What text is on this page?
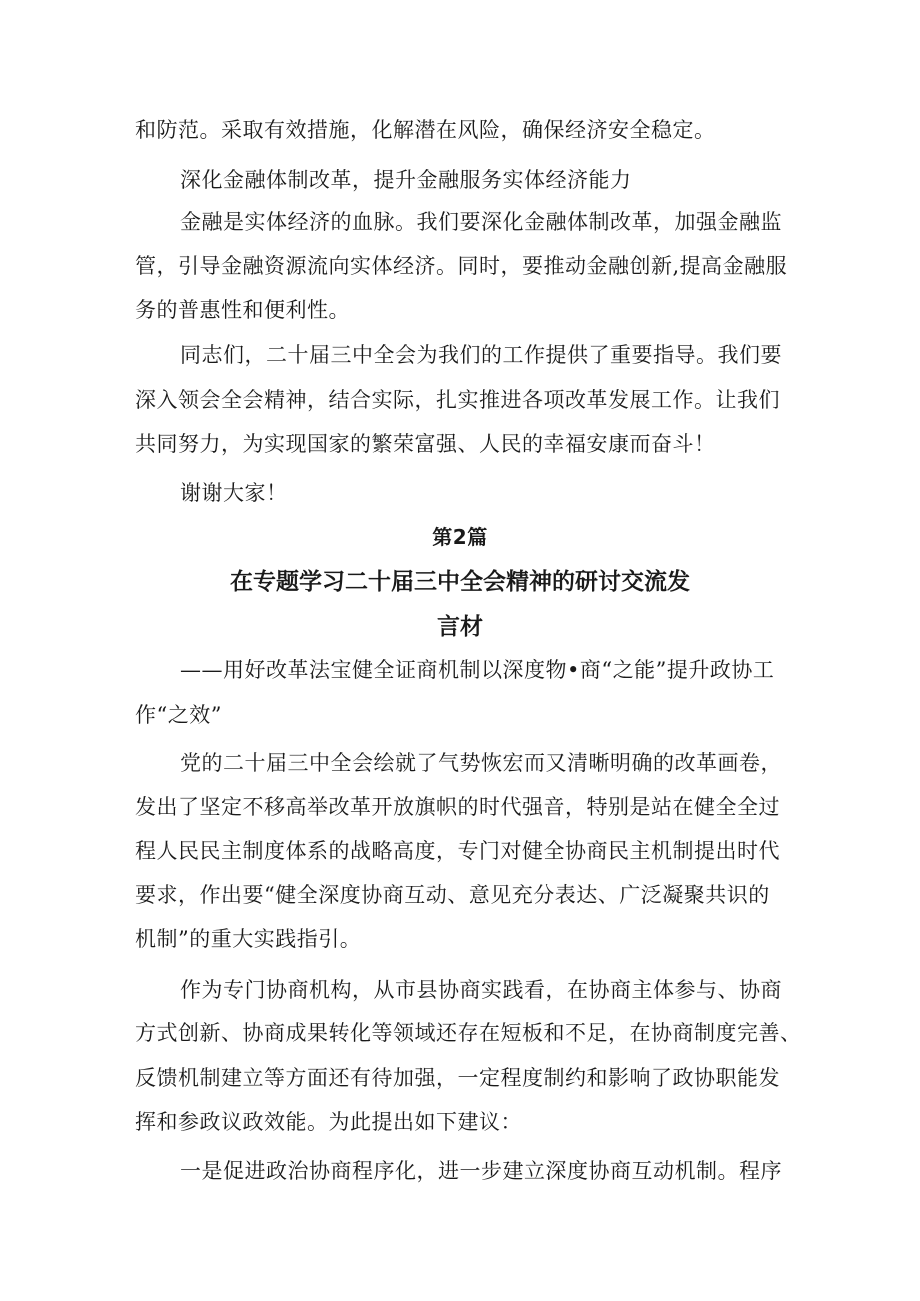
和防范。采取有效措施，化解潜在风险，确保经济安全稳定。
深化金融体制改革，提升金融服务实体经济能力
金融是实体经济的血脉。我们要深化金融体制改革，加强金融监
管，引导金融资源流向实体经济。同时，要推动金融创新,提高金融服
务的普惠性和便利性。
同志们，二十届三中全会为我们的工作提供了重要指导。我们要
深入领会全会精神，结合实际，扎实推进各项改革发展工作。让我们
共同努力，为实现国家的繁荣富强、人民的幸福安康而奋斗！
谢谢大家！
第2篇
在专题学习二十届三中全会精神的研讨交流发
言材
——用好改革法宝健全证商机制以深度物•商“之能”提升政协工
作“之效”
党的二十届三中全会绘就了气势恢宏而又清晰明确的改革画卷，
发出了坚定不移高举改革开放旗帜的时代强音，特别是站在健全全过
程人民民主制度体系的战略高度，专门对健全协商民主机制提出时代
要求，作出要“健全深度协商互动、意见充分表达、广泛凝聚共识的
机制”的重大实践指引。
作为专门协商机构，从市县协商实践看，在协商主体参与、协商
方式创新、协商成果转化等领域还存在短板和不足，在协商制度完善、
反馈机制建立等方面还有待加强，一定程度制约和影响了政协职能发
挥和参政议政效能。为此提出如下建议：
一是促进政治协商程序化，进一步建立深度协商互动机制。程序
